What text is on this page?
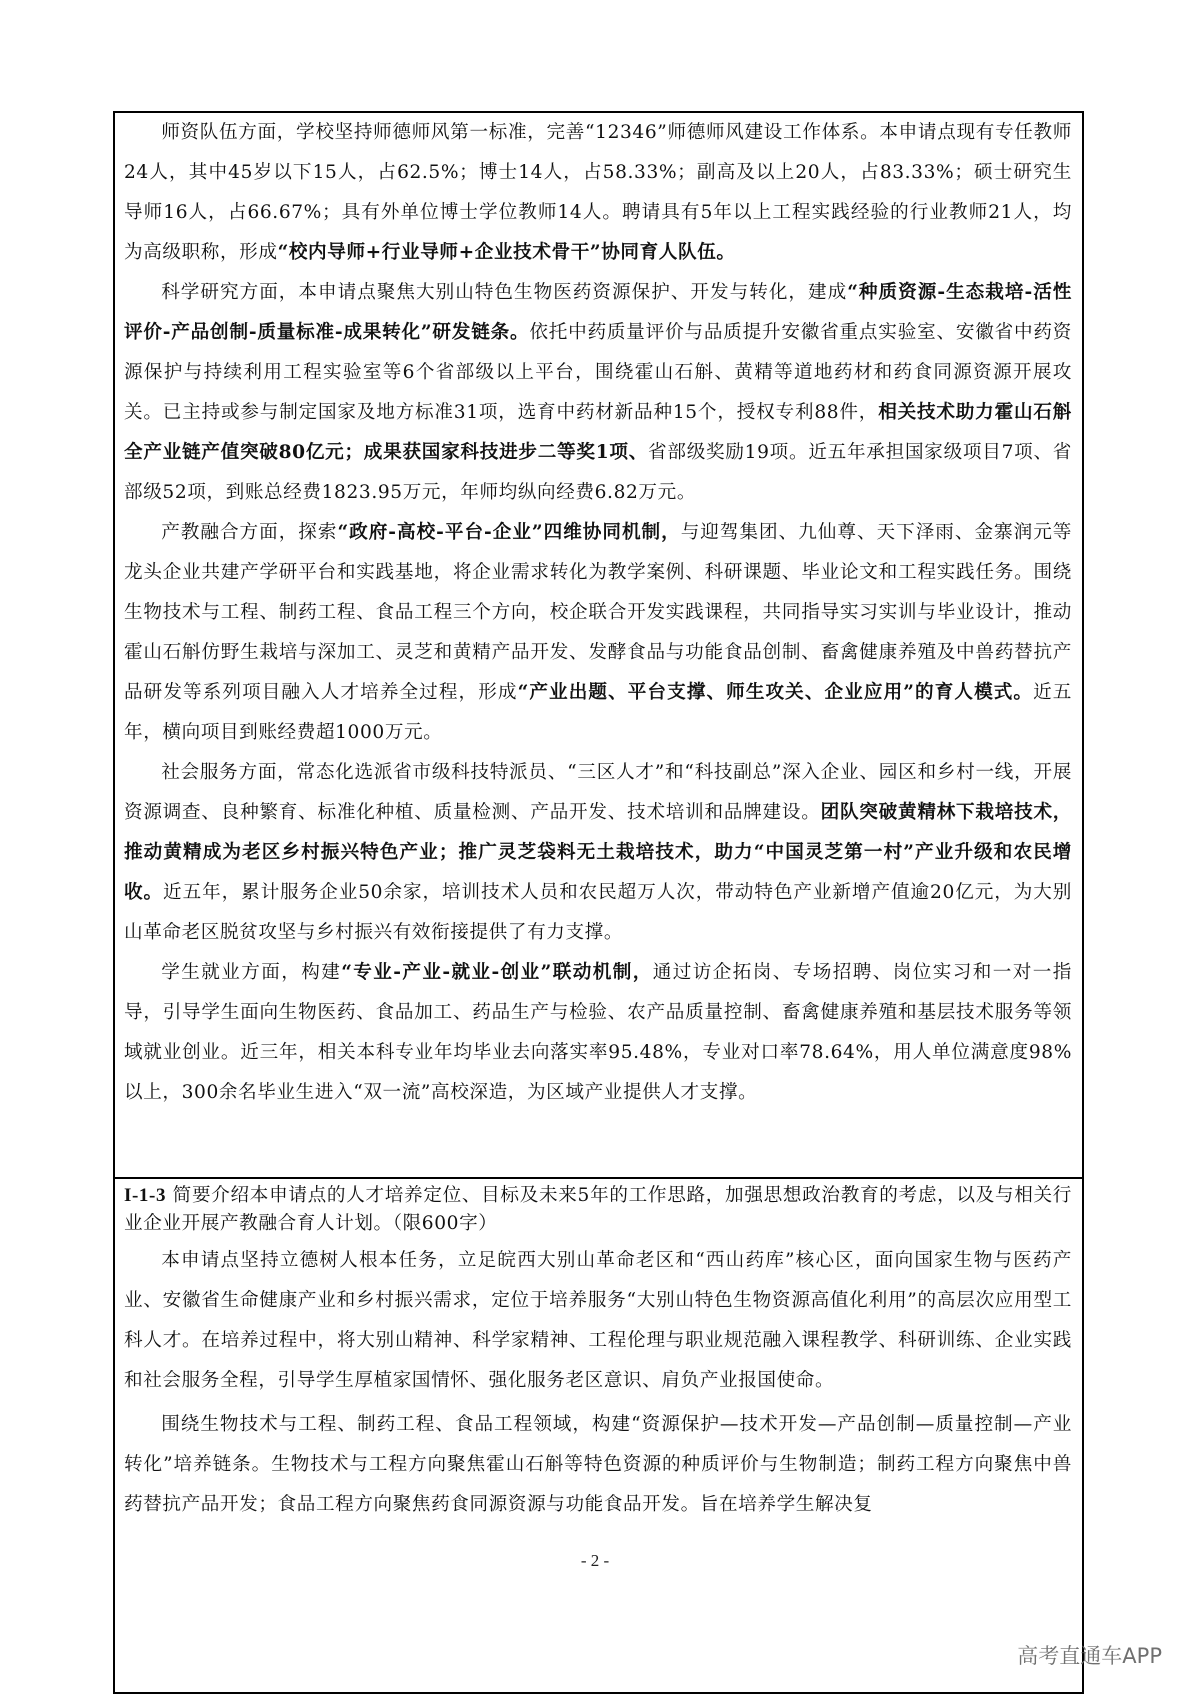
师资队伍方面，学校坚持师德师风第一标准，完善“12346”师德师风建设工作体系。本申请点现有专任教师24人，其中45岁以下15人，占62.5%；博士14人，占58.33%；副高及以上20人，占83.33%；硕士研究生导师16人，占66.67%；具有外单位博士学位教师14人。聘请具有5年以上工程实践经验的行业教师21人，均为高级职称，形成“校内导师+行业导师+企业技术骨干”协同育人队伍。

科学研究方面，本申请点聚焦大别山特色生物医药资源保护、开发与转化，建成“种质资源-生态栽培-活性评价-产品创制-质量标准-成果转化”研发链条。依托中药质量评价与品质提升安徽省重点实验室、安徽省中药资源保护与持续利用工程实验室等6个省部级以上平台，围绕霍山石斛、黄精等道地药材和药食同源资源开展攻关。已主持或参与制定国家及地方标准31项，选育中药材新品种15个，授权专利88件，相关技术助力霍山石斛全产业链产值突破80亿元；成果获国家科技进步二等奖1项、省部级奖励19项。近五年承担国家级项目7项、省部级52项，到账总经费1823.95万元，年师均纵向经费6.82万元。

产教融合方面，探索“政府-高校-平台-企业”四维协同机制，与迎驾集团、九仙尊、天下泽雨、金寨润元等龙头企业共建产学研平台和实践基地，将企业需求转化为教学案例、科研课题、毕业论文和工程实践任务。围绕生物技术与工程、制药工程、食品工程三个方向，校企联合开发实践课程，共同指导实习实训与毕业设计，推动霍山石斛仿野生栽培与深加工、灵芝和黄精产品开发、发酵食品与功能食品创制、畜禽健康养殖及中兽药替抗产品研发等系列项目融入人才培养全过程，形成“产业出题、平台支撑、师生攻关、企业应用”的育人模式。近五年，横向项目到账经费超1000万元。

社会服务方面，常态化选派省市级科技特派员、“三区人才”和“科技副总”深入企业、园区和乡村一线，开展资源调查、良种繁育、标准化种植、质量检测、产品开发、技术培训和品牌建设。团队突破黄精林下栽培技术，推动黄精成为老区乡村振兴特色产业；推广灵芝袋料无土栽培技术，助力“中国灵芝第一村”产业升级和农民增收。近五年，累计服务企业50余家，培训技术人员和农民超万人次，带动特色产业新增产值逾20亿元，为大别山革命老区脱贫攻坚与乡村振兴有效衔接提供了有力支撑。

学生就业方面，构建“专业-产业-就业-创业”联动机制，通过访企拓岗、专场招聘、岗位实习和一对一指导，引导学生面向生物医药、食品加工、药品生产与检验、农产品质量控制、畜禽健康养殖和基层技术服务等领域就业创业。近三年，相关本科专业年均毕业去向落实率95.48%，专业对口率78.64%，用人单位满意度98%以上，300余名毕业生进入“双一流”高校深造，为区域产业提供人才支撑。

I-1-3 简要介绍本申请点的人才培养定位、目标及未来5年的工作思路，加强思想政治教育的考虑，以及与相关行业企业开展产教融合育人计划。（限600字）

本申请点坚持立德树人根本任务，立足皖西大别山革命老区和“西山药库”核心区，面向国家生物与医药产业、安徽省生命健康产业和乡村振兴需求，定位于培养服务“大别山特色生物资源高值化利用”的高层次应用型工科人才。在培养过程中，将大别山精神、科学家精神、工程伦理与职业规范融入课程教学、科研训练、企业实践和社会服务全程，引导学生厚植家国情怀、强化服务老区意识、肩负产业报国使命。

围绕生物技术与工程、制药工程、食品工程领域，构建“资源保护—技术开发—产品创制—质量控制—产业转化”培养链条。生物技术与工程方向聚焦霍山石斛等特色资源的种质评价与生物制造；制药工程方向聚焦中兽药替抗产品开发；食品工程方向聚焦药食同源资源与功能食品开发。旨在培养学生解决复

- 2 -
高考直通车APP
